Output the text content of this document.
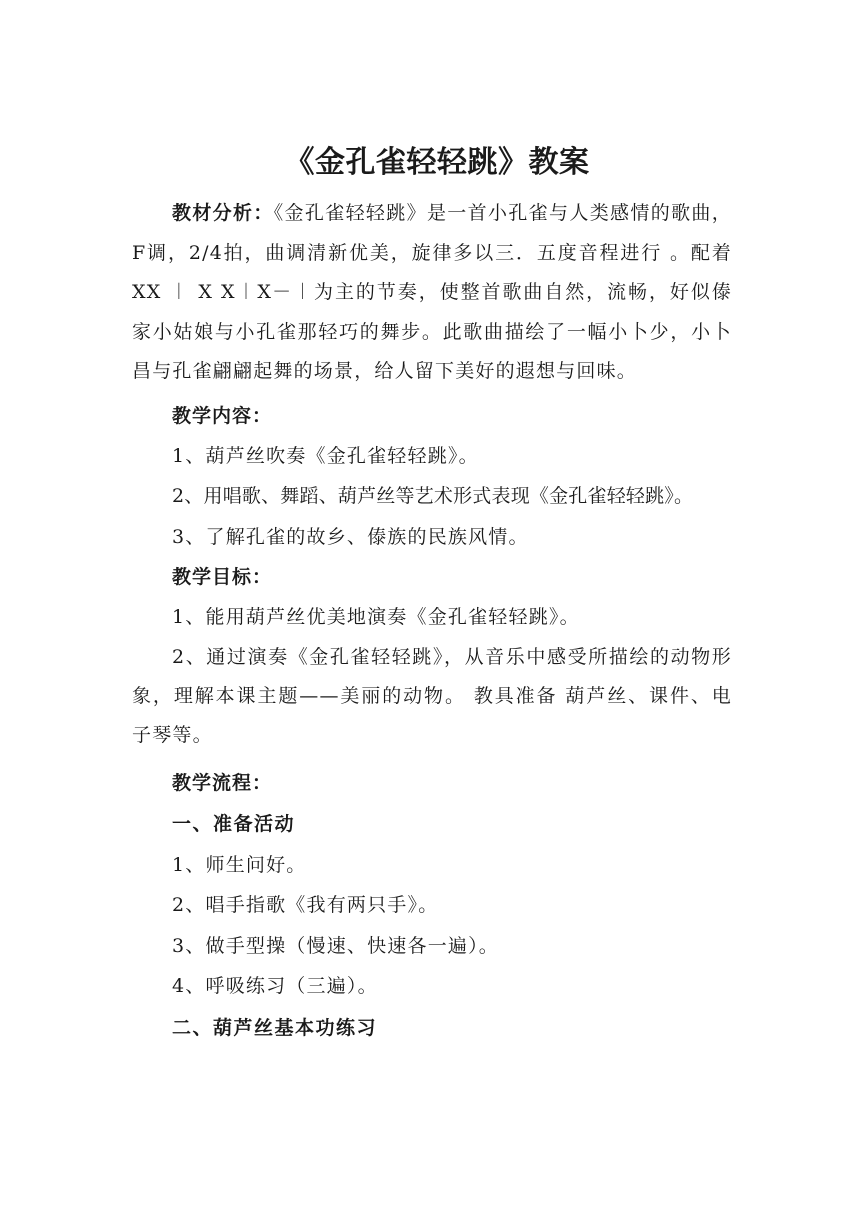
《金孔雀轻轻跳》教案

教材分析：《金孔雀轻轻跳》是一首小孔雀与人类感情的歌曲， F调，2/4拍，曲调清新优美，旋律多以三．五度音程进行 。配着 XX ︱ X X︱X－︱为主的节奏，使整首歌曲自然，流畅，好似傣家小姑娘与小孔雀那轻巧的舞步。此歌曲描绘了一幅小卜少，小卜昌与孔雀翩翩起舞的场景，给人留下美好的遐想与回味。

教学内容：

1、葫芦丝吹奏《金孔雀轻轻跳》。

2、用唱歌、舞蹈、葫芦丝等艺术形式表现《金孔雀轻轻跳》。

3、了解孔雀的故乡、傣族的民族风情。

教学目标：

1、能用葫芦丝优美地演奏《金孔雀轻轻跳》。

2、通过演奏《金孔雀轻轻跳》，从音乐中感受所描绘的动物形象，理解本课主题——美丽的动物。 教具准备 葫芦丝、课件、电子琴等。

教学流程：

一、准备活动

1、师生问好。

2、唱手指歌《我有两只手》。

3、做手型操（慢速、快速各一遍）。

4、呼吸练习（三遍）。

二、葫芦丝基本功练习
